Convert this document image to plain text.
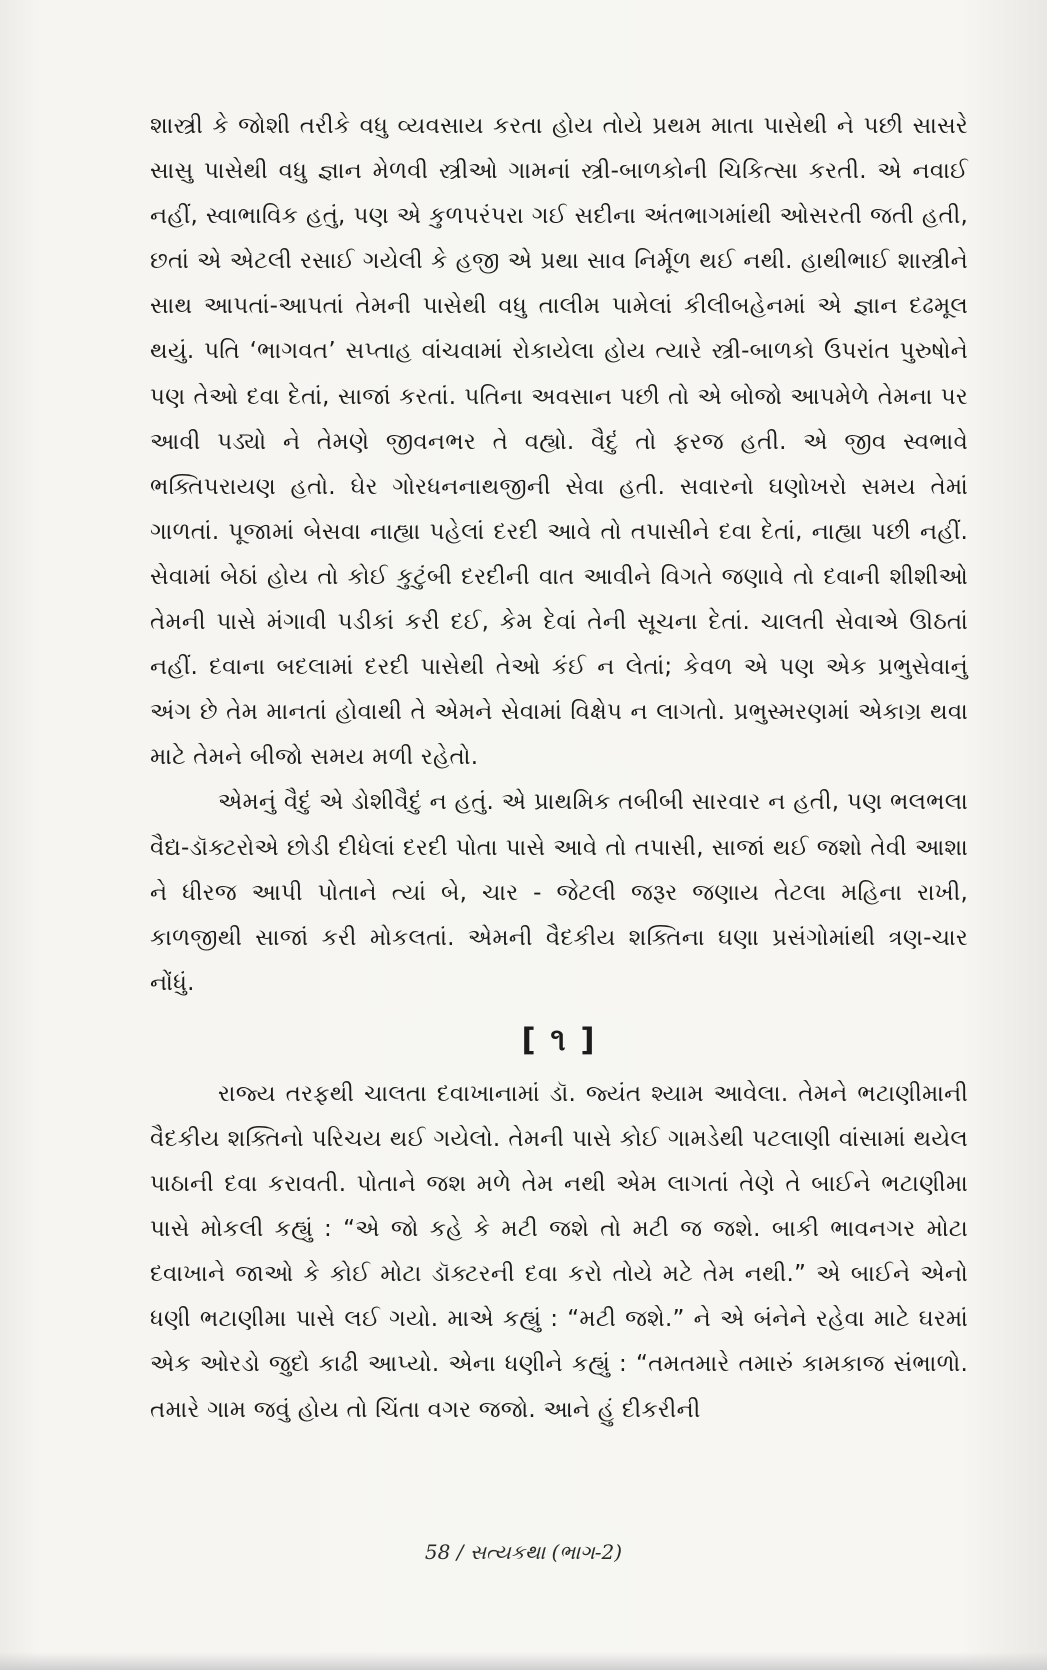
શાસ્ત્રી કે જોશી તરીકે વધુ વ્યવસાય કરતા હોય તોયે પ્રથમ માતા પાસેથી ને પછી સાસરે સાસુ પાસેથી વધુ જ્ઞાન મેળવી સ્ત્રીઓ ગામનાં સ્ત્રી-બાળકોની ચિકિત્સા કરતી. એ નવાઈ નહીં, સ્વાભાવિક હતું, પણ એ કુળપરંપરા ગઈ સદીના અંતભાગમાંથી ઓસરતી જતી હતી, છતાં એ એટલી રસાઈ ગયેલી કે હજી એ પ્રથા સાવ નિર્મૂળ થઈ નથી. હાથીભાઈ શાસ્ત્રીને સાથ આપતાં-આપતાં તેમની પાસેથી વધુ તાલીમ પામેલાં કીલીબહેનમાં એ જ્ઞાન દઢમૂલ થયું. પતિ ‘ભાગવત’ સપ્તાહ વાંચવામાં રોકાયેલા હોય ત્યારે સ્ત્રી-બાળકો ઉપરાંત પુરુષોને પણ તેઓ દવા દેતાં, સાજાં કરતાં. પતિના અવસાન પછી તો એ બોજો આપમેળે તેમના પર આવી પડ્યો ને તેમણે જીવનભર તે વહ્યો. વૈદું તો ફરજ હતી. એ જીવ સ્વભાવે ભક્તિપરાયણ હતો. ઘેર ગોરધનનાથજીની સેવા હતી. સવારનો ઘણોખરો સમય તેમાં ગાળતાં. પૂજામાં બેસવા નાહ્યા પહેલાં દરદી આવે તો તપાસીને દવા દેતાં, નાહ્યા પછી નહીં. સેવામાં બેઠાં હોય તો કોઈ કુટુંબી દરદીની વાત આવીને વિગતે જણાવે તો દવાની શીશીઓ તેમની પાસે મંગાવી પડીકાં કરી દઈ, કેમ દેવાં તેની સૂચના દેતાં. ચાલતી સેવાએ ઊઠતાં નહીં. દવાના બદલામાં દરદી પાસેથી તેઓ કંઈ ન લેતાં; કેવળ એ પણ એક પ્રભુસેવાનું અંગ છે તેમ માનતાં હોવાથી તે એમને સેવામાં વિક્ષેપ ન લાગતો. પ્રભુસ્મરણમાં એકાગ્ર થવા માટે તેમને બીજો સમય મળી રહેતો.

એમનું વૈદું એ ડોશીવૈદું ન હતું. એ પ્રાથમિક તબીબી સારવાર ન હતી, પણ ભલભલા વૈદ્ય-ડૉક્ટરોએ છોડી દીધેલાં દરદી પોતા પાસે આવે તો તપાસી, સાજાં થઈ જશો તેવી આશા ને ધીરજ આપી પોતાને ત્યાં બે, ચાર - જેટલી જરૂર જણાય તેટલા મહિના રાખી, કાળજીથી સાજાં કરી મોકલતાં. એમની વૈદકીય શક્તિના ઘણા પ્રસંગોમાંથી ત્રણ-ચાર નોંધું.

[ ૧ ]

રાજ્ય તરફથી ચાલતા દવાખાનામાં ડૉ. જ્યંત શ્યામ આવેલા. તેમને ભટાણીમાની વૈદકીય શક્તિનો પરિચય થઈ ગયેલો. તેમની પાસે કોઈ ગામડેથી પટલાણી વાંસામાં થયેલ પાઠાની દવા કરાવતી. પોતાને જશ મળે તેમ નથી એમ લાગતાં તેણે તે બાઈને ભટાણીમા પાસે મોકલી કહ્યું : “એ જો કહે કે મટી જશે તો મટી જ જશે. બાકી ભાવનગર મોટા દવાખાને જાઓ કે કોઈ મોટા ડૉક્ટરની દવા કરો તોયે મટે તેમ નથી.” એ બાઈને એનો ધણી ભટાણીમા પાસે લઈ ગયો. માએ કહ્યું : “મટી જશે.” ને એ બંનેને રહેવા માટે ઘરમાં એક ઓરડો જુદો કાઢી આપ્યો. એના ધણીને કહ્યું : “તમતમારે તમારું કામકાજ સંભાળો. તમારે ગામ જવું હોય તો ચિંતા વગર જજો. આને હું દીકરીની

58 / સત્યકથા (ભાગ-2)
